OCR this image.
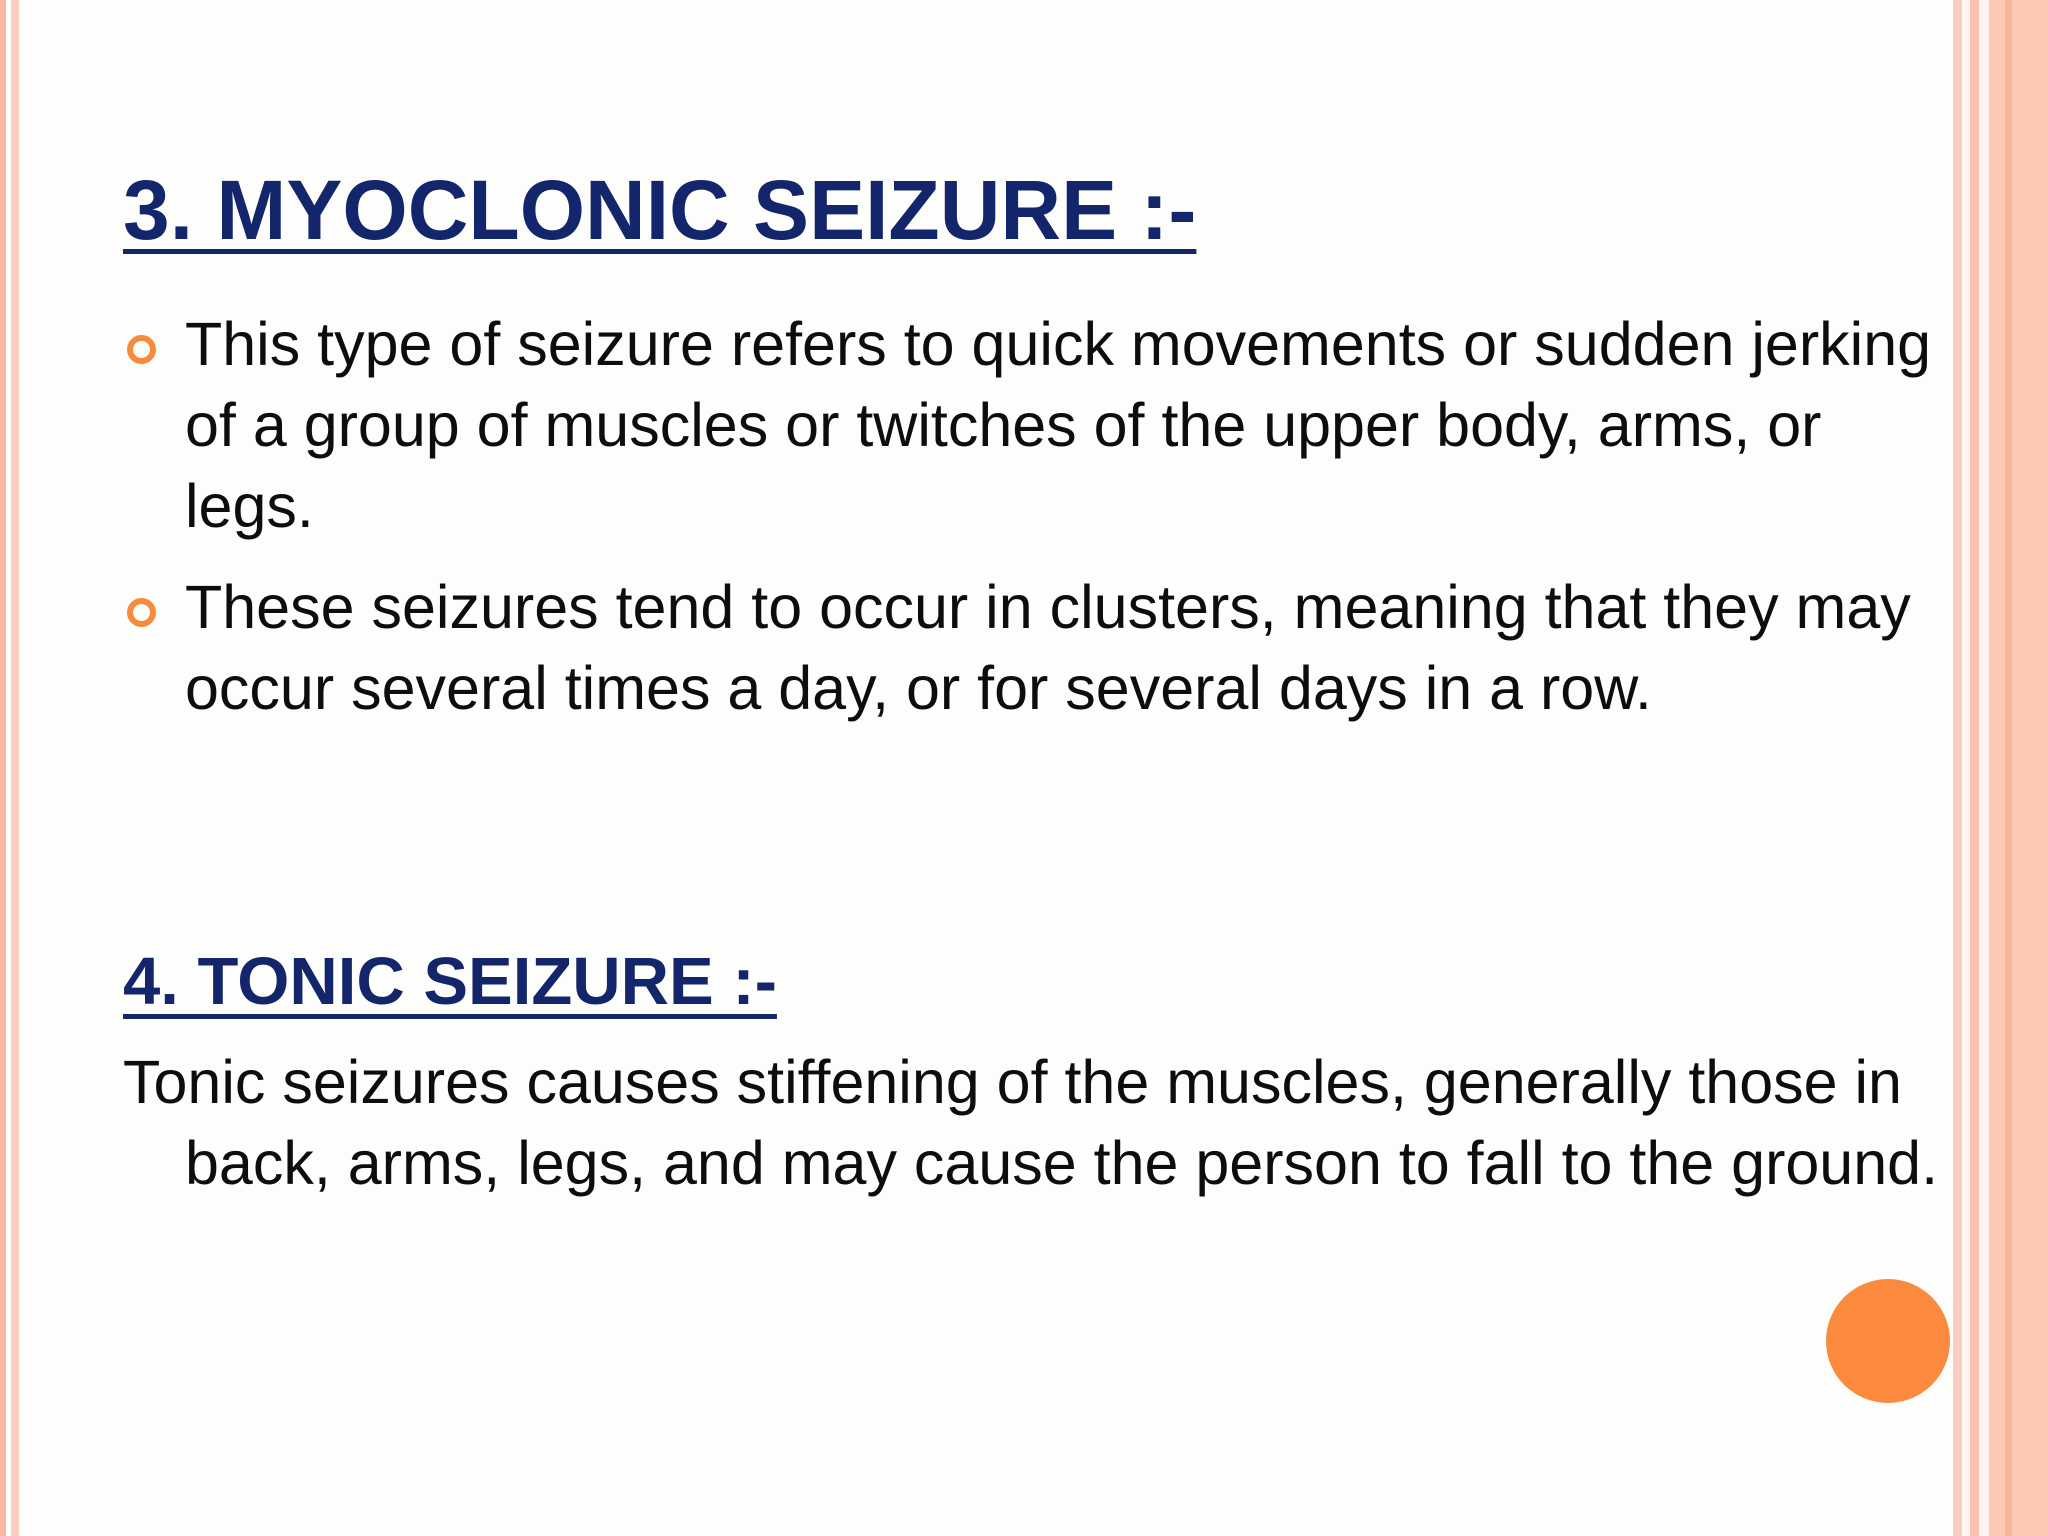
3. MYOCLONIC SEIZURE :-
This type of seizure refers to quick movements or sudden jerking of a group of muscles or twitches of the upper body, arms, or legs.
These seizures tend to occur in clusters, meaning that they may occur several times a day, or for several days in a row.
4. TONIC SEIZURE :-

Tonic seizures causes stiffening of the muscles, generally those in back, arms, legs, and may cause the person to fall to the ground.
